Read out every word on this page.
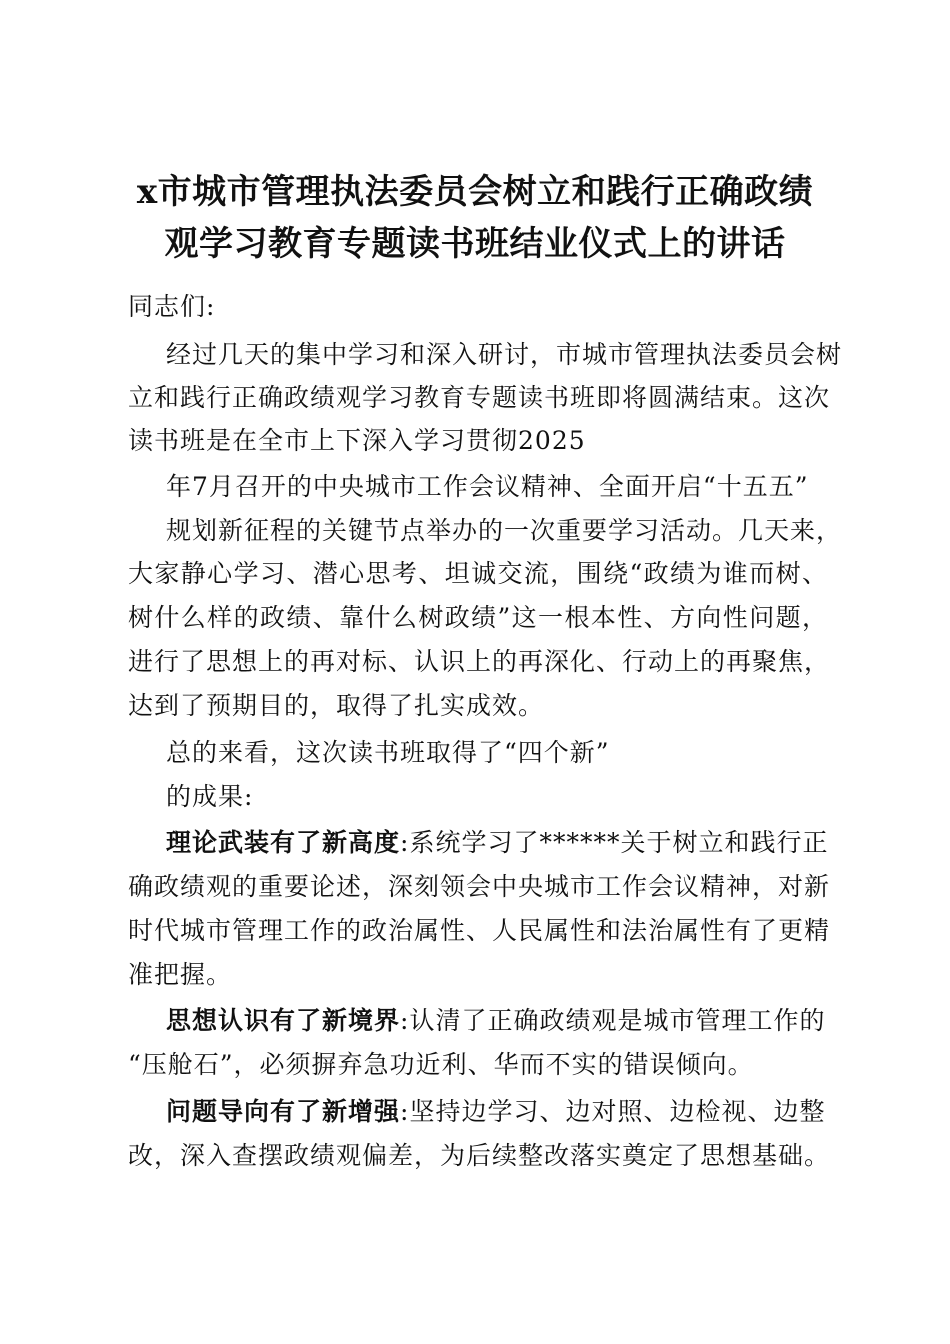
x市城市管理执法委员会树立和践行正确政绩
观学习教育专题读书班结业仪式上的讲话
同志们:
经过几天的集中学习和深入研讨，市城市管理执法委员会树
立和践行正确政绩观学习教育专题读书班即将圆满结束。这次
读书班是在全市上下深入学习贯彻2025
年7月召开的中央城市工作会议精神、全面开启“十五五”
规划新征程的关键节点举办的一次重要学习活动。几天来，
大家静心学习、潜心思考、坦诚交流，围绕“政绩为谁而树、
树什么样的政绩、靠什么树政绩”这一根本性、方向性问题，
进行了思想上的再对标、认识上的再深化、行动上的再聚焦，
达到了预期目的，取得了扎实成效。
总的来看，这次读书班取得了“四个新”
的成果:
理论武装有了新高度:系统学习了******关于树立和践行正
确政绩观的重要论述，深刻领会中央城市工作会议精神，对新
时代城市管理工作的政治属性、人民属性和法治属性有了更精
准把握。
思想认识有了新境界:认清了正确政绩观是城市管理工作的
“压舱石”，必须摒弃急功近利、华而不实的错误倾向。
问题导向有了新增强:坚持边学习、边对照、边检视、边整
改，深入查摆政绩观偏差，为后续整改落实奠定了思想基础。
